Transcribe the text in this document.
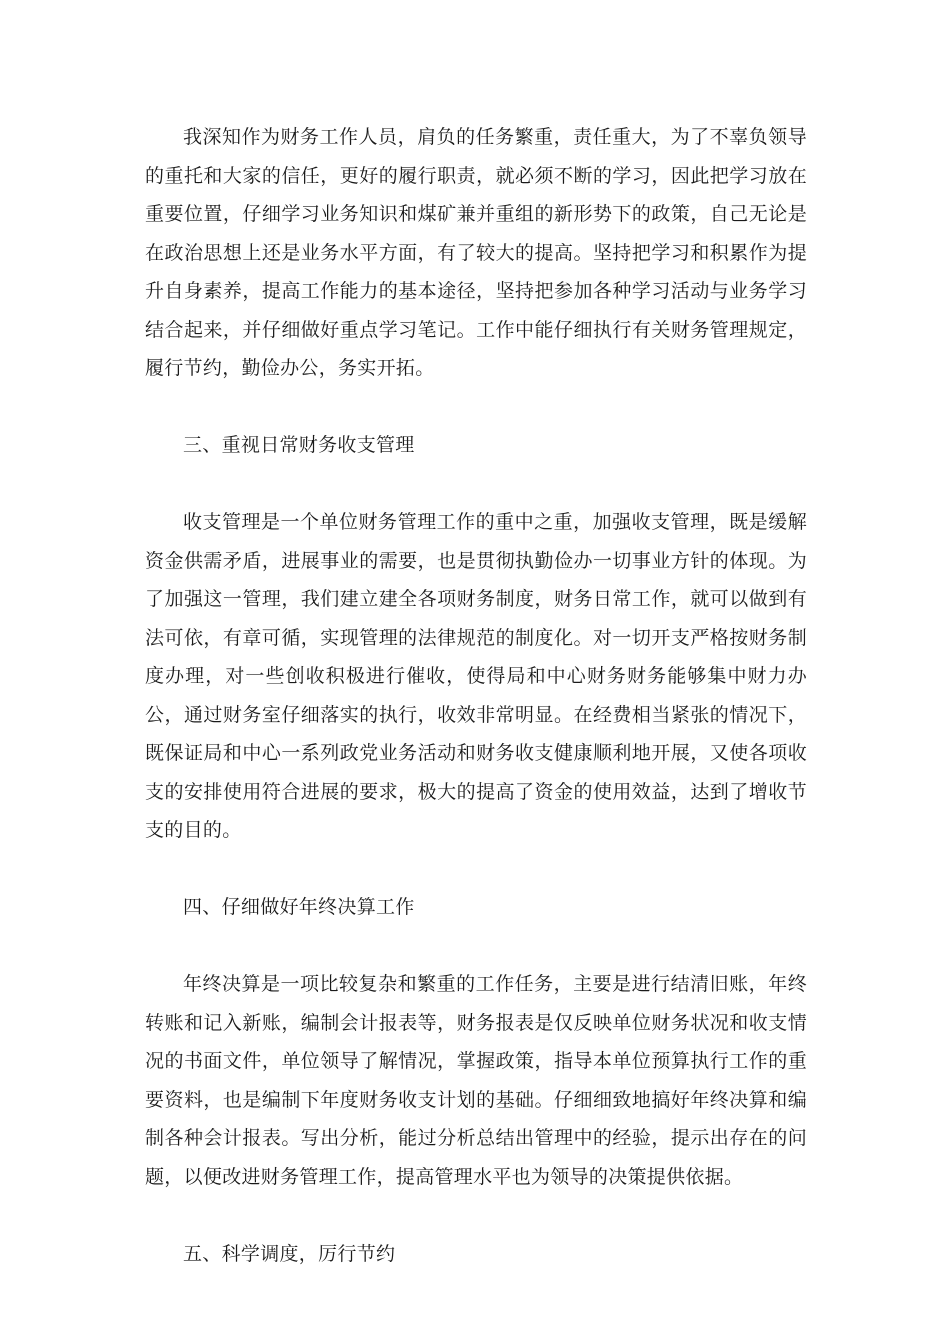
我深知作为财务工作人员，肩负的任务繁重，责任重大，为了不辜负领导的重托和大家的信任，更好的履行职责，就必须不断的学习，因此把学习放在重要位置，仔细学习业务知识和煤矿兼并重组的新形势下的政策，自己无论是在政治思想上还是业务水平方面，有了较大的提高。坚持把学习和积累作为提升自身素养，提高工作能力的基本途径，坚持把参加各种学习活动与业务学习结合起来，并仔细做好重点学习笔记。工作中能仔细执行有关财务管理规定，履行节约，勤俭办公，务实开拓。

三、重视日常财务收支管理

收支管理是一个单位财务管理工作的重中之重，加强收支管理，既是缓解资金供需矛盾，进展事业的需要，也是贯彻执勤俭办一切事业方针的体现。为了加强这一管理，我们建立建全各项财务制度，财务日常工作，就可以做到有法可依，有章可循，实现管理的法律规范的制度化。对一切开支严格按财务制度办理，对一些创收积极进行催收，使得局和中心财务财务能够集中财力办公，通过财务室仔细落实的执行，收效非常明显。在经费相当紧张的情况下，既保证局和中心一系列政党业务活动和财务收支健康顺利地开展，又使各项收支的安排使用符合进展的要求，极大的提高了资金的使用效益，达到了增收节支的目的。

四、仔细做好年终决算工作

年终决算是一项比较复杂和繁重的工作任务，主要是进行结清旧账，年终转账和记入新账，编制会计报表等，财务报表是仅反映单位财务状况和收支情况的书面文件，单位领导了解情况，掌握政策，指导本单位预算执行工作的重要资料，也是编制下年度财务收支计划的基础。仔细细致地搞好年终决算和编制各种会计报表。写出分析，能过分析总结出管理中的经验，提示出存在的问题，以便改进财务管理工作，提高管理水平也为领导的决策提供依据。

五、科学调度，厉行节约
